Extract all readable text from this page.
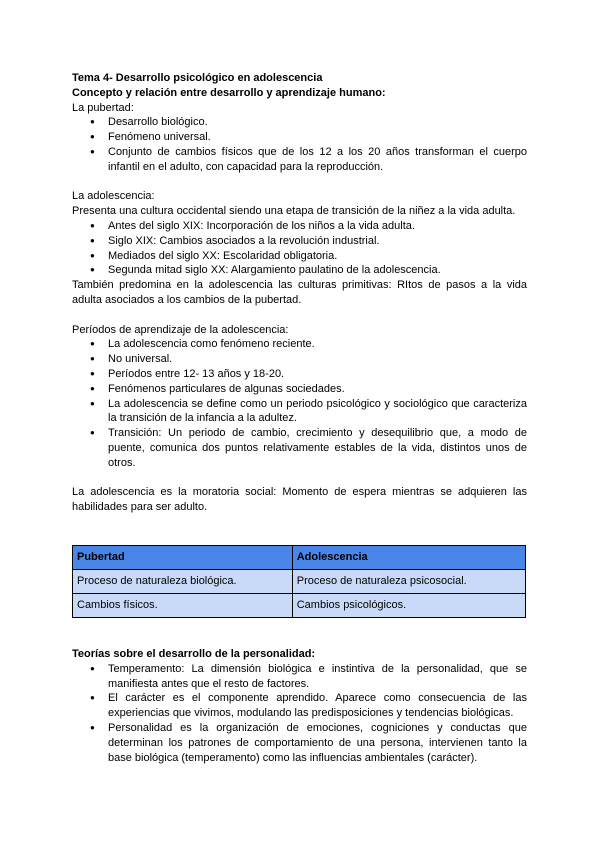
Tema 4- Desarrollo psicológico en adolescencia

Concepto y relación entre desarrollo y aprendizaje humano:

La pubertad:

● Desarrollo biológico.
● Fenómeno universal.
● Conjunto de cambios físicos que de los 12 a los 20 años transforman el cuerpo infantil en el adulto, con capacidad para la reproducción.

La adolescencia:

Presenta una cultura occidental siendo una etapa de transición de la niñez a la vida adulta.

● Antes del siglo XIX: Incorporación de los niños a la vida adulta.
● Siglo XIX: Cambios asociados a la revolución industrial.
● Mediados del siglo XX: Escolaridad obligatoria.
● Segunda mitad siglo XX: Alargamiento paulatino de la adolescencia.

También predomina en la adolescencia las culturas primitivas: RItos de pasos a la vida adulta asociados a los cambios de la pubertad.

Períodos de aprendizaje de la adolescencia:

● La adolescencia como fenómeno reciente.
● No universal.
● Períodos entre 12- 13 años y 18-20.
● Fenómenos particulares de algunas sociedades.
● La adolescencia se define como un periodo psicológico y sociológico que caracteriza la transición de la infancia a la adultez.
● Transición: Un periodo de cambio, crecimiento y desequilibrio que, a modo de puente, comunica dos puntos relativamente estables de la vida, distintos unos de otros.

La adolescencia es la moratoria social: Momento de espera mientras se adquieren las habilidades para ser adulto.

Pubertad	Adolescencia
Proceso de naturaleza biológica.	Proceso de naturaleza psicosocial.
Cambios físicos.	Cambios psicológicos.

Teorías sobre el desarrollo de la personalidad:

● Temperamento: La dimensión biológica e instintiva de la personalidad, que se manifiesta antes que el resto de factores.
● El carácter es el componente aprendido. Aparece como consecuencia de las experiencias que vivimos, modulando las predisposiciones y tendencias biológicas.
● Personalidad es la organización de emociones, cogniciones y conductas que determinan los patrones de comportamiento de una persona, intervienen tanto la base biológica (temperamento) como las influencias ambientales (carácter).
